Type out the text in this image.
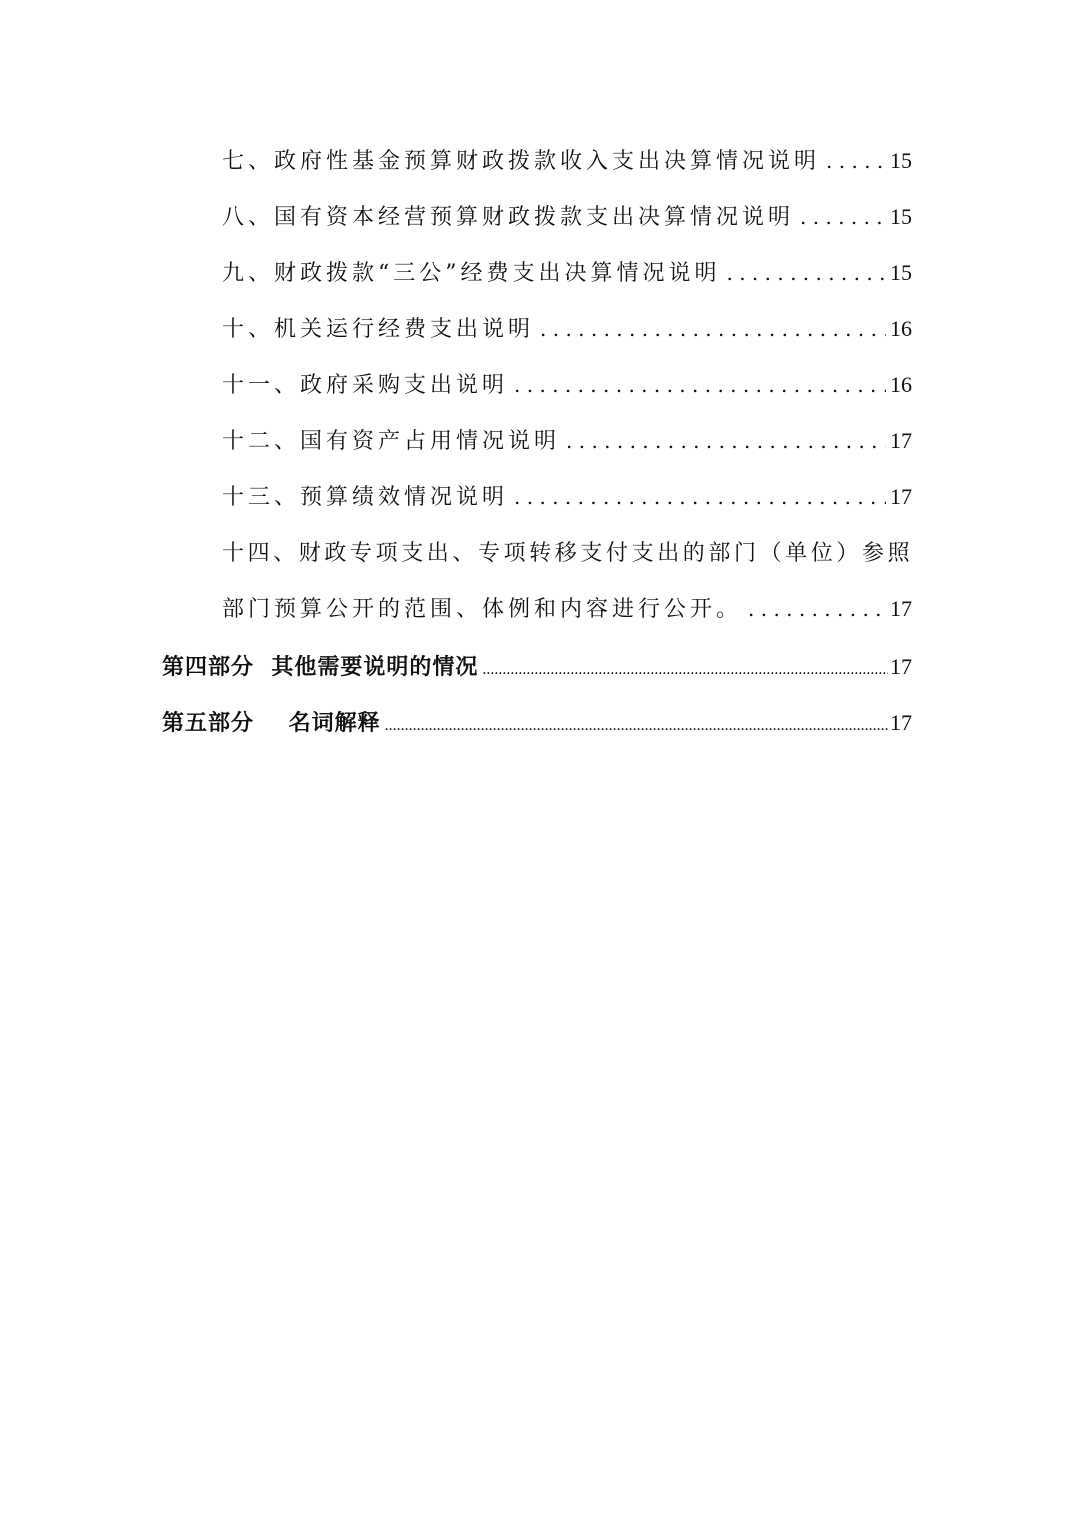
七、政府性基金预算财政拨款收入支出决算情况说明 . . .	15
八、国有资本经营预算财政拨款支出决算情况说明 . . .	15
九、财政拨款“三公”经费支出决算情况说明 . . .	15
十、机关运行经费支出说明 . . .	16
十一、政府采购支出说明 . . .	16
十二、国有资产占用情况说明 . . .	17
十三、预算绩效情况说明 . . .	17
十四、财政专项支出、专项转移支付支出的部门（单位）参照
部门预算公开的范围、体例和内容进行公开。 . . .	17
第四部分  其他需要说明的情况 .....	17
第五部分    名词解释 .....	17
